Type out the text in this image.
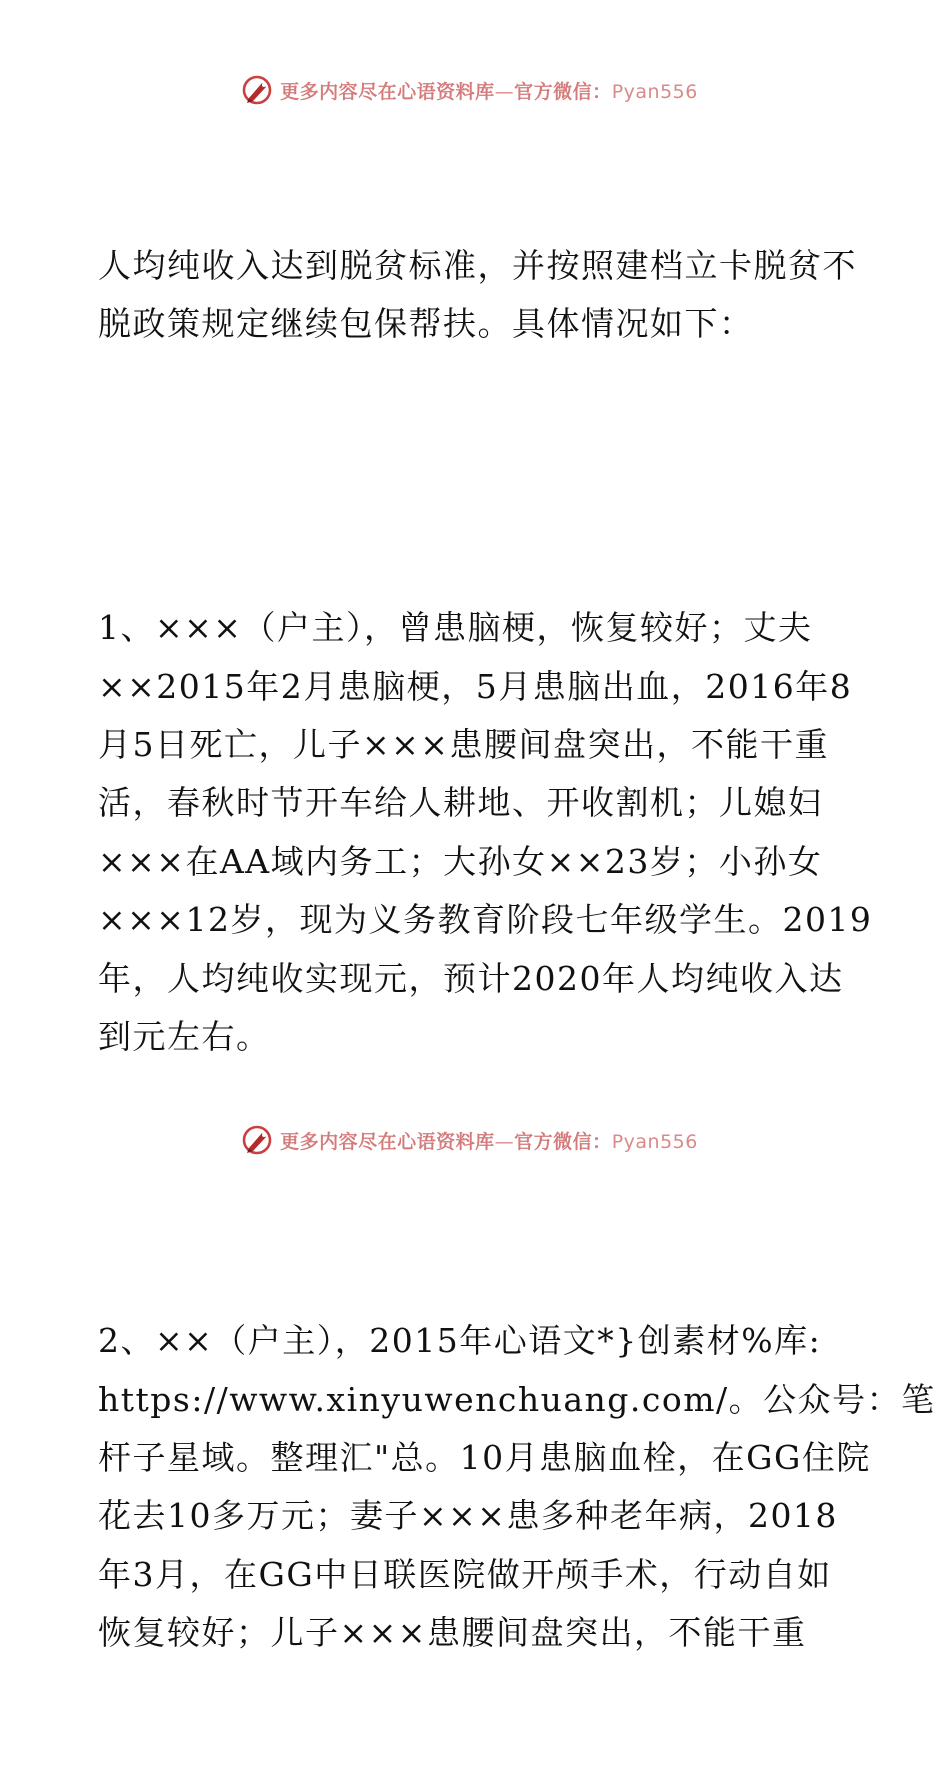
更多内容尽在心语资料库—官方微信：Pyan556

人均纯收入达到脱贫标准，并按照建档立卡脱贫不
脱政策规定继续包保帮扶。具体情况如下：

1、×××（户主），曾患脑梗，恢复较好；丈夫
××2015年2月患脑梗，5月患脑出血，2016年8
月5日死亡，儿子×××患腰间盘突出，不能干重
活，春秋时节开车给人耕地、开收割机；儿媳妇
×××在AA域内务工；大孙女××23岁；小孙女
×××12岁，现为义务教育阶段七年级学生。2019
年，人均纯收实现元，预计2020年人均纯收入达
到元左右。

2、××（户主），2015年心语文*}创素材%库:
https://www.xinyuwenchuang.com/。公众号：笔
杆子星域。整理汇"总。10月患脑血栓，在GG住院
花去10多万元；妻子×××患多种老年病，2018
年3月，在GG中日联医院做开颅手术，行动自如
恢复较好；儿子×××患腰间盘突出，不能干重

更多内容尽在心语资料库—官方微信：Pyan556
